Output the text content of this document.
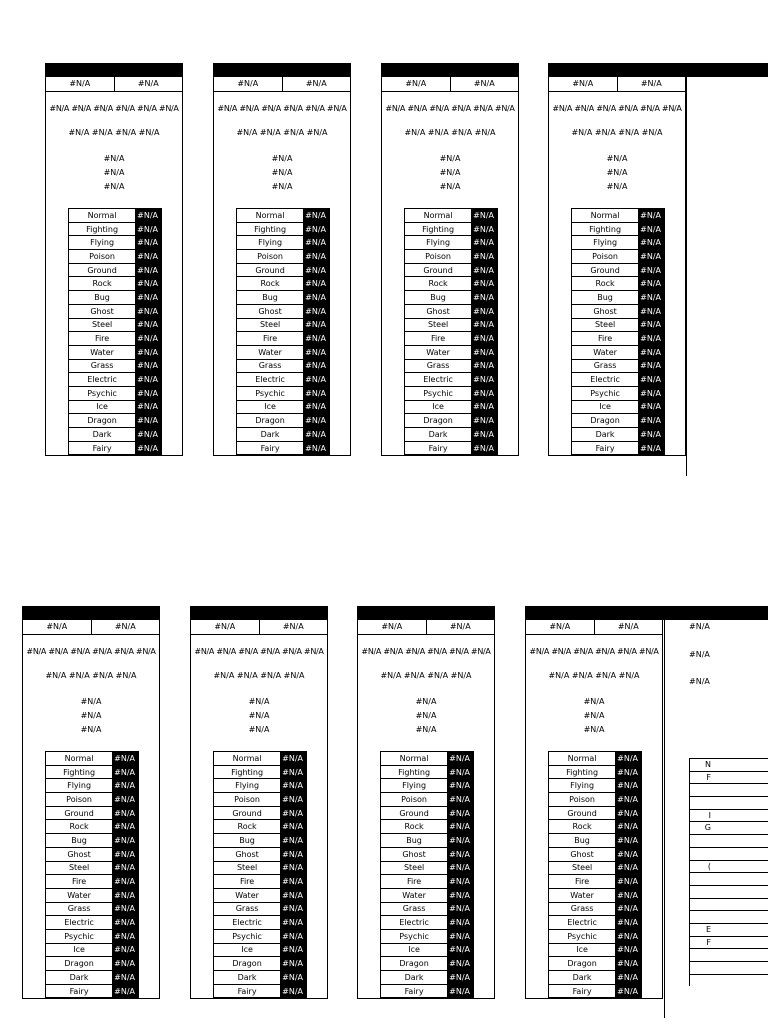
#N/A	#N/A
#N/A #N/A #N/A #N/A #N/A #N/A
#N/A #N/A #N/A #N/A
#N/A
#N/A
#N/A
Normal	#N/A
Fighting	#N/A
Flying	#N/A
Poison	#N/A
Ground	#N/A
Rock	#N/A
Bug	#N/A
Ghost	#N/A
Steel	#N/A
Fire	#N/A
Water	#N/A
Grass	#N/A
Electric	#N/A
Psychic	#N/A
Ice	#N/A
Dragon	#N/A
Dark	#N/A
Fairy	#N/A
#N/A	#N/A
#N/A #N/A #N/A #N/A #N/A #N/A
#N/A #N/A #N/A #N/A
#N/A
#N/A
#N/A
Normal	#N/A
Fighting	#N/A
Flying	#N/A
Poison	#N/A
Ground	#N/A
Rock	#N/A
Bug	#N/A
Ghost	#N/A
Steel	#N/A
Fire	#N/A
Water	#N/A
Grass	#N/A
Electric	#N/A
Psychic	#N/A
Ice	#N/A
Dragon	#N/A
Dark	#N/A
Fairy	#N/A
#N/A	#N/A
#N/A #N/A #N/A #N/A #N/A #N/A
#N/A #N/A #N/A #N/A
#N/A
#N/A
#N/A
Normal	#N/A
Fighting	#N/A
Flying	#N/A
Poison	#N/A
Ground	#N/A
Rock	#N/A
Bug	#N/A
Ghost	#N/A
Steel	#N/A
Fire	#N/A
Water	#N/A
Grass	#N/A
Electric	#N/A
Psychic	#N/A
Ice	#N/A
Dragon	#N/A
Dark	#N/A
Fairy	#N/A
#N/A	#N/A
#N/A #N/A #N/A #N/A #N/A #N/A
#N/A #N/A #N/A #N/A
#N/A
#N/A
#N/A
Normal	#N/A
Fighting	#N/A
Flying	#N/A
Poison	#N/A
Ground	#N/A
Rock	#N/A
Bug	#N/A
Ghost	#N/A
Steel	#N/A
Fire	#N/A
Water	#N/A
Grass	#N/A
Electric	#N/A
Psychic	#N/A
Ice	#N/A
Dragon	#N/A
Dark	#N/A
Fairy	#N/A
#N/A	#N/A
#N/A #N/A #N/A #N/A #N/A #N/A
#N/A #N/A #N/A #N/A
#N/A
#N/A
#N/A
Normal	#N/A
Fighting	#N/A
Flying	#N/A
Poison	#N/A
Ground	#N/A
Rock	#N/A
Bug	#N/A
Ghost	#N/A
Steel	#N/A
Fire	#N/A
Water	#N/A
Grass	#N/A
Electric	#N/A
Psychic	#N/A
Ice	#N/A
Dragon	#N/A
Dark	#N/A
Fairy	#N/A
#N/A	#N/A
#N/A #N/A #N/A #N/A #N/A #N/A
#N/A #N/A #N/A #N/A
#N/A
#N/A
#N/A
Normal	#N/A
Fighting	#N/A
Flying	#N/A
Poison	#N/A
Ground	#N/A
Rock	#N/A
Bug	#N/A
Ghost	#N/A
Steel	#N/A
Fire	#N/A
Water	#N/A
Grass	#N/A
Electric	#N/A
Psychic	#N/A
Ice	#N/A
Dragon	#N/A
Dark	#N/A
Fairy	#N/A
#N/A	#N/A
#N/A #N/A #N/A #N/A #N/A #N/A
#N/A #N/A #N/A #N/A
#N/A
#N/A
#N/A
Normal	#N/A
Fighting	#N/A
Flying	#N/A
Poison	#N/A
Ground	#N/A
Rock	#N/A
Bug	#N/A
Ghost	#N/A
Steel	#N/A
Fire	#N/A
Water	#N/A
Grass	#N/A
Electric	#N/A
Psychic	#N/A
Ice	#N/A
Dragon	#N/A
Dark	#N/A
Fairy	#N/A
#N/A	#N/A
#N/A #N/A #N/A #N/A #N/A #N/A
#N/A #N/A #N/A #N/A
#N/A
#N/A
#N/A
Normal	#N/A
Fighting	#N/A
Flying	#N/A
Poison	#N/A
Ground	#N/A
Rock	#N/A
Bug	#N/A
Ghost	#N/A
Steel	#N/A
Fire	#N/A
Water	#N/A
Grass	#N/A
Electric	#N/A
Psychic	#N/A
Ice	#N/A
Dragon	#N/A
Dark	#N/A
Fairy	#N/A
#N/A
#N/A
#N/A
N
F
I
G
(
E
F
